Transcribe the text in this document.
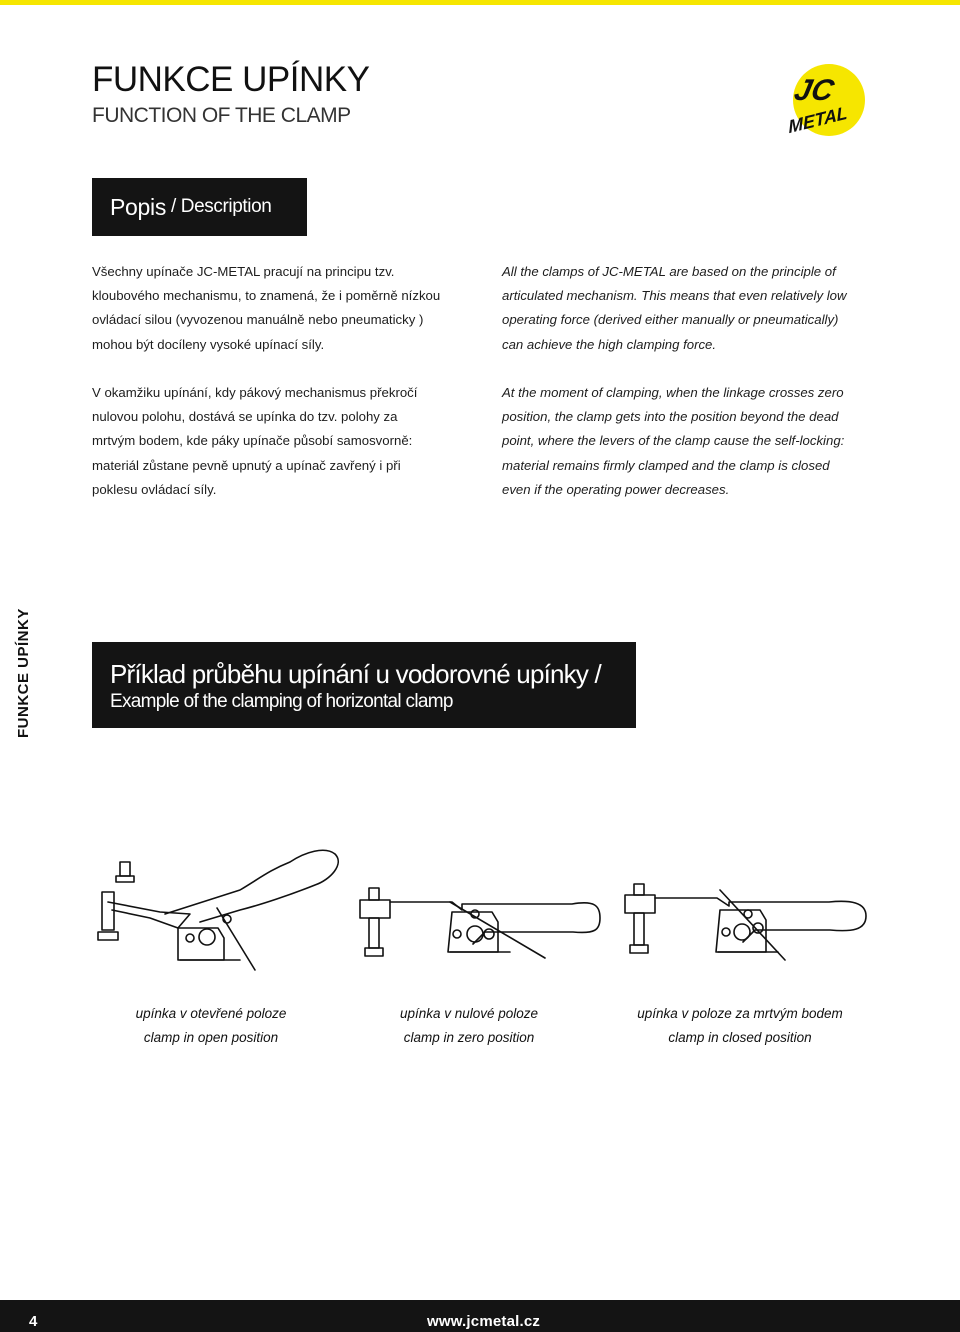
FUNKCE UPÍNKY
FUNCTION OF THE CLAMP
JC
METAL
Popis / Description

Všechny upínače JC-METAL pracují na principu tzv.
kloubového mechanismu, to znamená, že i poměrně nízkou
ovládací silou (vyvozenou manuálně nebo pneumaticky )
mohou být docíleny vysoké upínací síly.

All the clamps of JC-METAL are based on the principle of
articulated mechanism. This means that even relatively low
operating force (derived either manually or pneumatically)
can achieve the high clamping force.

V okamžiku upínání, kdy pákový mechanismus překročí
nulovou polohu, dostává se upínka do tzv. polohy za
mrtvým bodem, kde páky upínače působí samosvorně:
materiál zůstane pevně upnutý a upínač zavřený i při
poklesu ovládací síly.

At the moment of clamping, when the linkage crosses zero
position, the clamp gets into the position beyond the dead
point, where the levers of the clamp cause the self-locking:
material remains firmly clamped and the clamp is closed
even if the operating power decreases.

FUNKCE UPÍNKY	Příklad průběhu upínání u vodorovné upínky /
Example of the clamping of horizontal clamp
upínka v otevřené poloze
clamp in open position
upínka v nulové poloze
clamp in zero position
upínka v poloze za mrtvým bodem
clamp in closed position
4	www.jcmetal.cz
